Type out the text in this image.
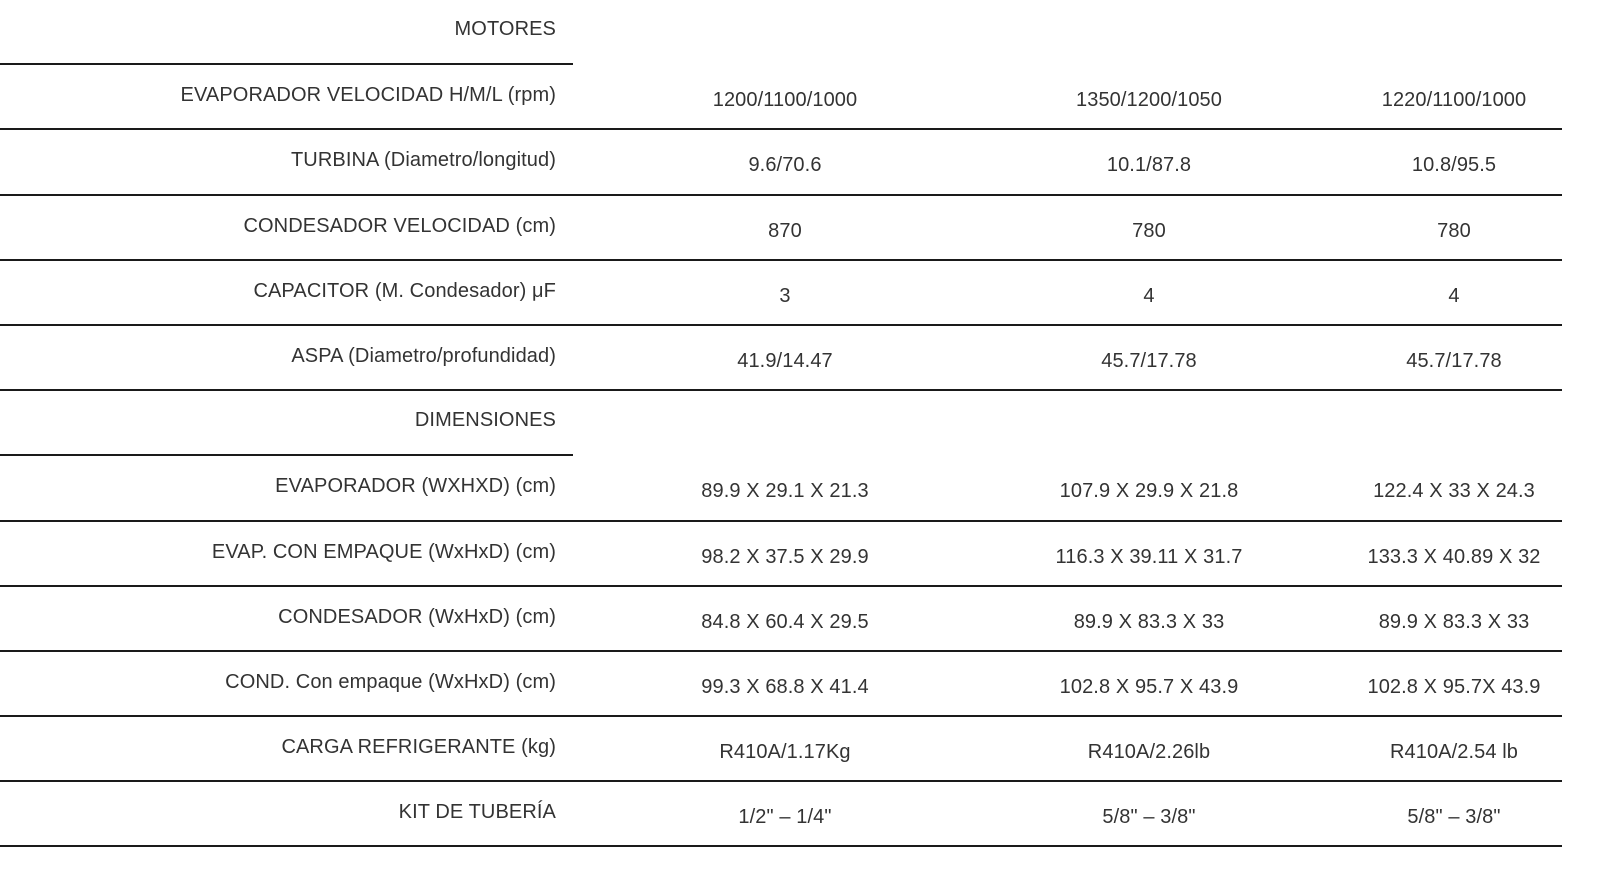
MOTORES
EVAPORADOR VELOCIDAD H/M/L (rpm)	1200/1100/1000	1350/1200/1050	1220/1100/1000
TURBINA (Diametro/longitud)	9.6/70.6	10.1/87.8	10.8/95.5
CONDESADOR VELOCIDAD (cm)	870	780	780
CAPACITOR (M. Condesador) μF	3	4	4
ASPA (Diametro/profundidad)	41.9/14.47	45.7/17.78	45.7/17.78
DIMENSIONES
EVAPORADOR (WXHXD) (cm)	89.9 X 29.1 X 21.3	107.9 X 29.9 X 21.8	122.4 X 33 X 24.3
EVAP. CON EMPAQUE (WxHxD) (cm)	98.2 X 37.5 X 29.9	116.3 X 39.11 X 31.7	133.3 X 40.89 X 32
CONDESADOR (WxHxD) (cm)	84.8 X 60.4 X 29.5	89.9 X 83.3 X 33	89.9 X 83.3 X 33
COND. Con empaque (WxHxD) (cm)	99.3 X 68.8 X 41.4	102.8 X 95.7 X 43.9	102.8 X 95.7X 43.9
CARGA REFRIGERANTE (kg)	R410A/1.17Kg	R410A/2.26lb	R410A/2.54 lb
KIT DE TUBERÍA	1/2" – 1/4"	5/8" – 3/8"	5/8" – 3/8"
